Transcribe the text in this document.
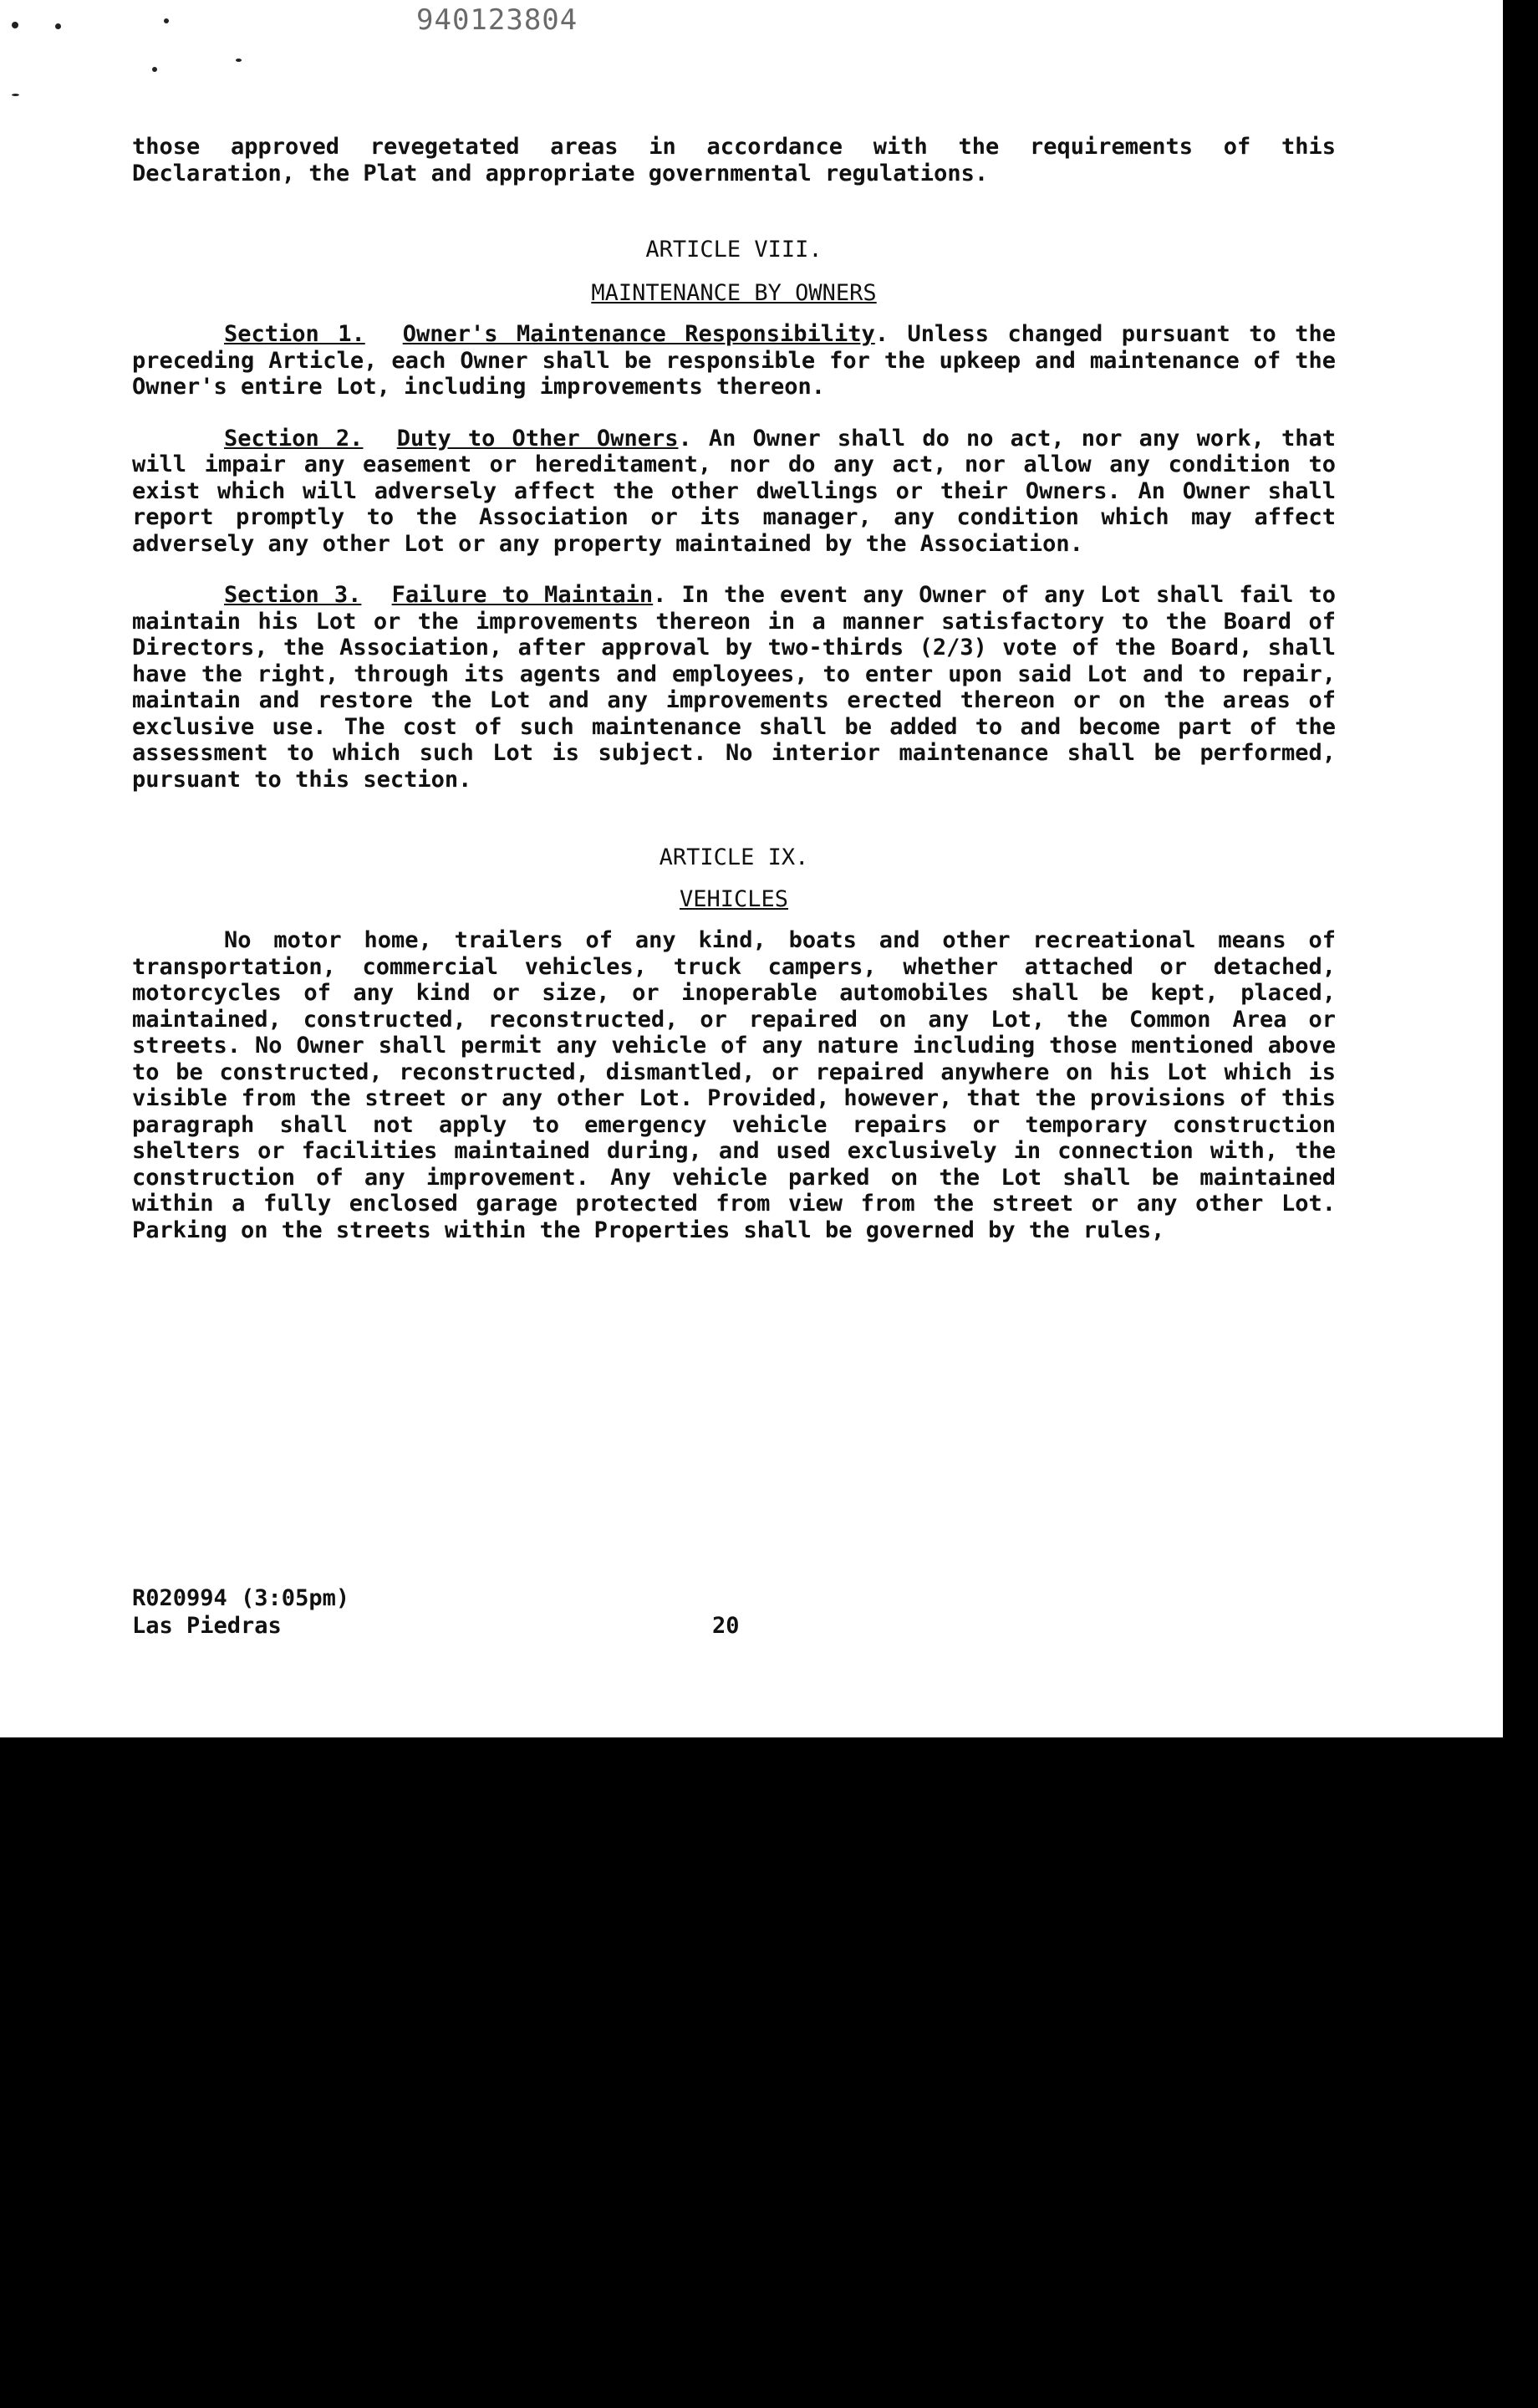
940123804

those approved revegetated areas in accordance with the requirements of this Declaration, the Plat and appropriate governmental regulations.

ARTICLE VIII.

MAINTENANCE BY OWNERS

Section 1. Owner's Maintenance Responsibility. Unless changed pursuant to the preceding Article, each Owner shall be responsible for the upkeep and maintenance of the Owner's entire Lot, including improvements thereon.

Section 2. Duty to Other Owners. An Owner shall do no act, nor any work, that will impair any easement or hereditament, nor do any act, nor allow any condition to exist which will adversely affect the other dwellings or their Owners. An Owner shall report promptly to the Association or its manager, any condition which may affect adversely any other Lot or any property maintained by the Association.

Section 3. Failure to Maintain. In the event any Owner of any Lot shall fail to maintain his Lot or the improvements thereon in a manner satisfactory to the Board of Directors, the Association, after approval by two-thirds (2/3) vote of the Board, shall have the right, through its agents and employees, to enter upon said Lot and to repair, maintain and restore the Lot and any improvements erected thereon or on the areas of exclusive use. The cost of such maintenance shall be added to and become part of the assessment to which such Lot is subject. No interior maintenance shall be performed, pursuant to this section.

ARTICLE IX.

VEHICLES

No motor home, trailers of any kind, boats and other recreational means of transportation, commercial vehicles, truck campers, whether attached or detached, motorcycles of any kind or size, or inoperable automobiles shall be kept, placed, maintained, constructed, reconstructed, or repaired on any Lot, the Common Area or streets. No Owner shall permit any vehicle of any nature including those mentioned above to be constructed, reconstructed, dismantled, or repaired anywhere on his Lot which is visible from the street or any other Lot. Provided, however, that the provisions of this paragraph shall not apply to emergency vehicle repairs or temporary construction shelters or facilities maintained during, and used exclusively in connection with, the construction of any improvement. Any vehicle parked on the Lot shall be maintained within a fully enclosed garage protected from view from the street or any other Lot. Parking on the streets within the Properties shall be governed by the rules,

R020994 (3:05pm)
Las Piedras	20
